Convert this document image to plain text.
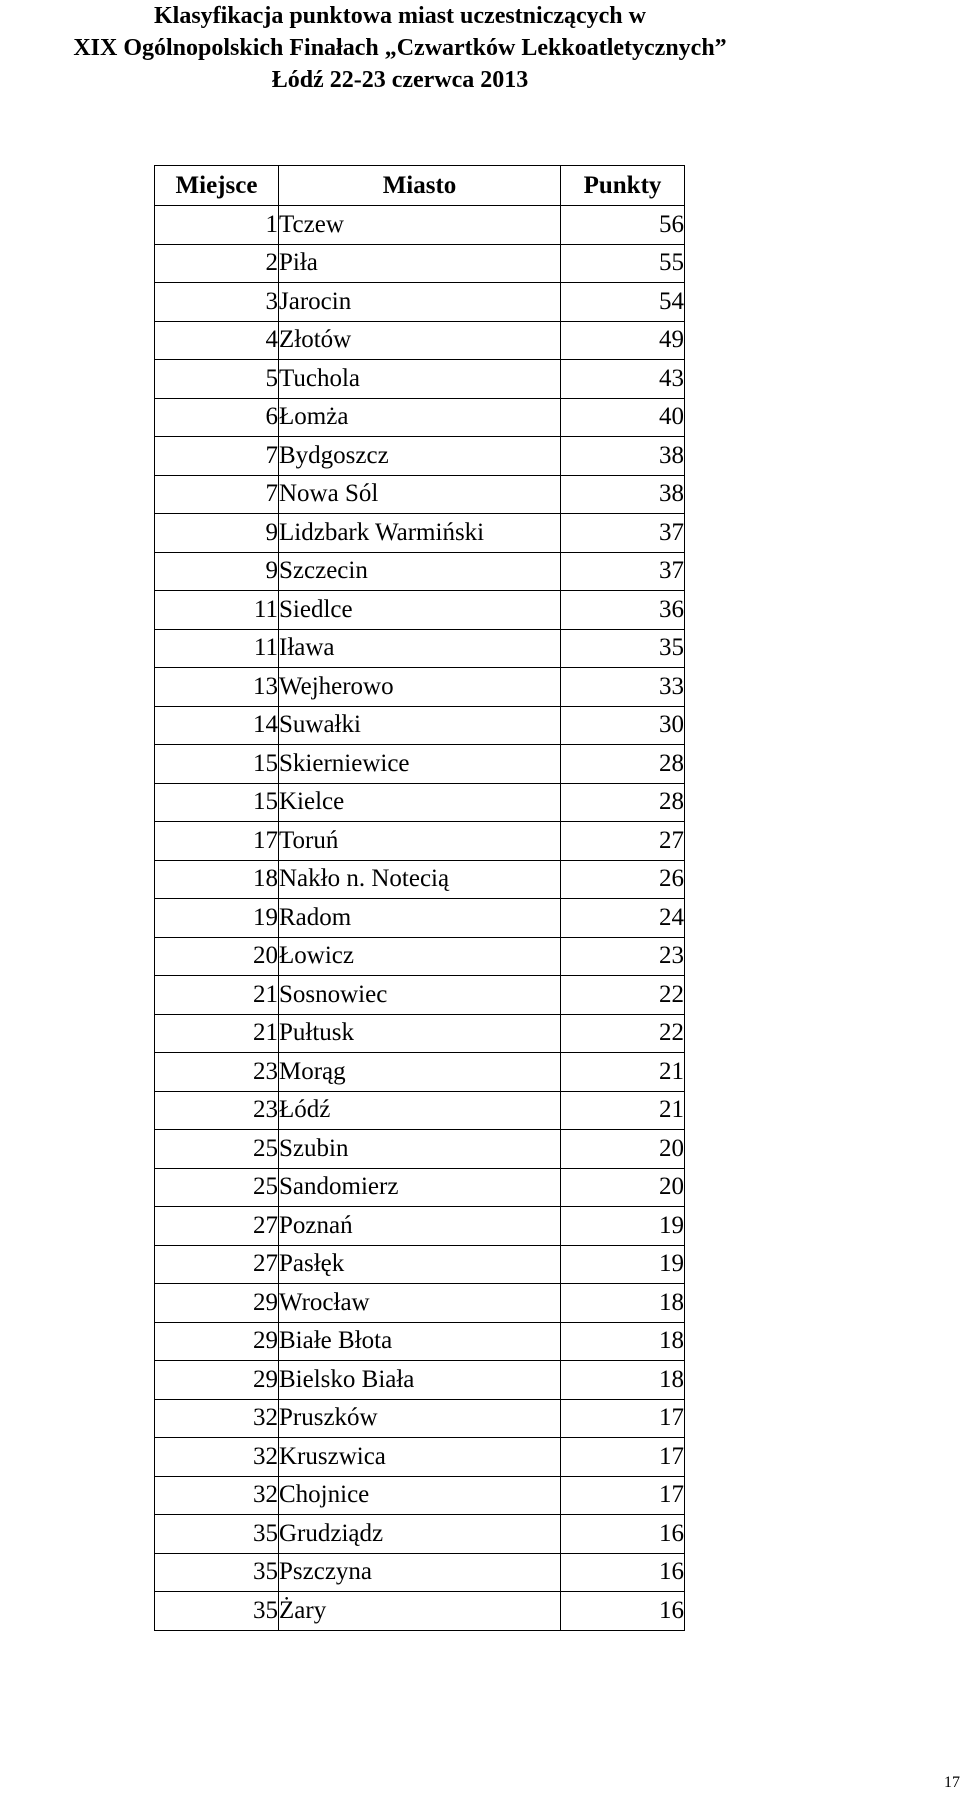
Klasyfikacja punktowa miast uczestniczących w
XIX Ogólnopolskich Finałach „Czwartków Lekkoatletycznych”
Łódź 22-23 czerwca 2013
Miejsce	Miasto	Punkty
1	Tczew	56
2	Piła	55
3	Jarocin	54
4	Złotów	49
5	Tuchola	43
6	Łomża	40
7	Bydgoszcz	38
7	Nowa Sól	38
9	Lidzbark Warmiński	37
9	Szczecin	37
11	Siedlce	36
11	Iława	35
13	Wejherowo	33
14	Suwałki	30
15	Skierniewice	28
15	Kielce	28
17	Toruń	27
18	Nakło n. Notecią	26
19	Radom	24
20	Łowicz	23
21	Sosnowiec	22
21	Pułtusk	22
23	Morąg	21
23	Łódź	21
25	Szubin	20
25	Sandomierz	20
27	Poznań	19
27	Pasłęk	19
29	Wrocław	18
29	Białe Błota	18
29	Bielsko Biała	18
32	Pruszków	17
32	Kruszwica	17
32	Chojnice	17
35	Grudziądz	16
35	Pszczyna	16
35	Żary	16
17
